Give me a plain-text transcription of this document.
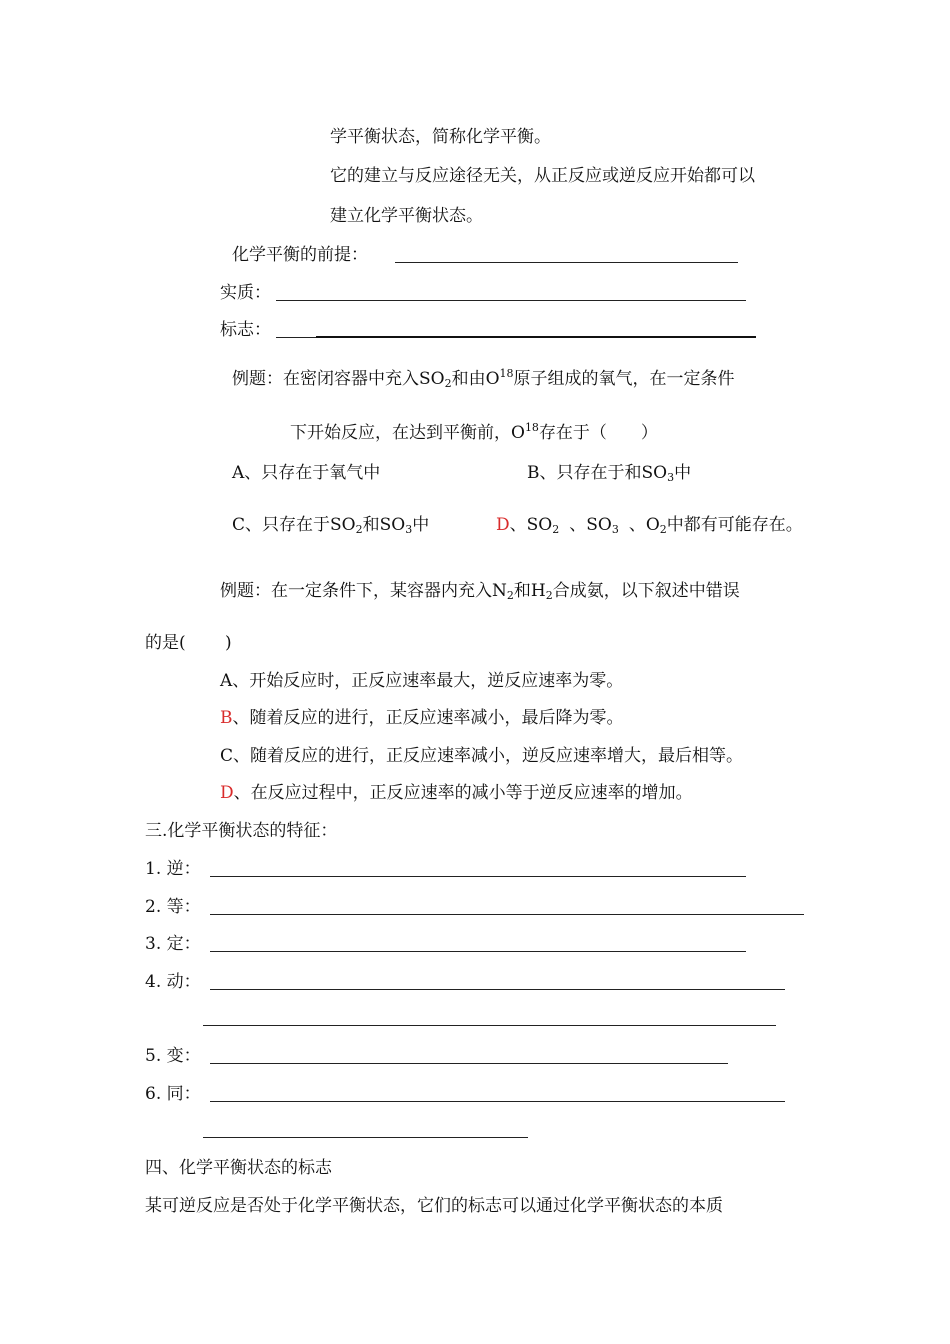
学平衡状态，简称化学平衡。
它的建立与反应途径无关，从正反应或逆反应开始都可以
建立化学平衡状态。
化学平衡的前提：
实质：
标志：
例题：在密闭容器中充入$SO_2$和由$O^{18}$原子组成的氧气，在一定条件
下开始反应，在达到平衡前，$O^{18}$存在于（　　）
A、只存在于氧气中	B、只存在于和$SO_3$中
C、只存在于$SO_2$和$SO_3$中	D、$SO_2$ 、$SO_3$ 、$O_2$中都有可能存在。
例题：在一定条件下，某容器内充入$N_2$和$H_2$合成氨，以下叙述中错误
的是(　　 )
A、开始反应时，正反应速率最大，逆反应速率为零。
B、随着反应的进行，正反应速率减小，最后降为零。
C、随着反应的进行，正反应速率减小，逆反应速率增大，最后相等。
D、在反应过程中，正反应速率的减小等于逆反应速率的增加。
三.化学平衡状态的特征：
1. 逆：
2. 等：
3. 定：
4. 动：
5. 变：
6. 同：
四、化学平衡状态的标志
某可逆反应是否处于化学平衡状态，它们的标志可以通过化学平衡状态的本质
